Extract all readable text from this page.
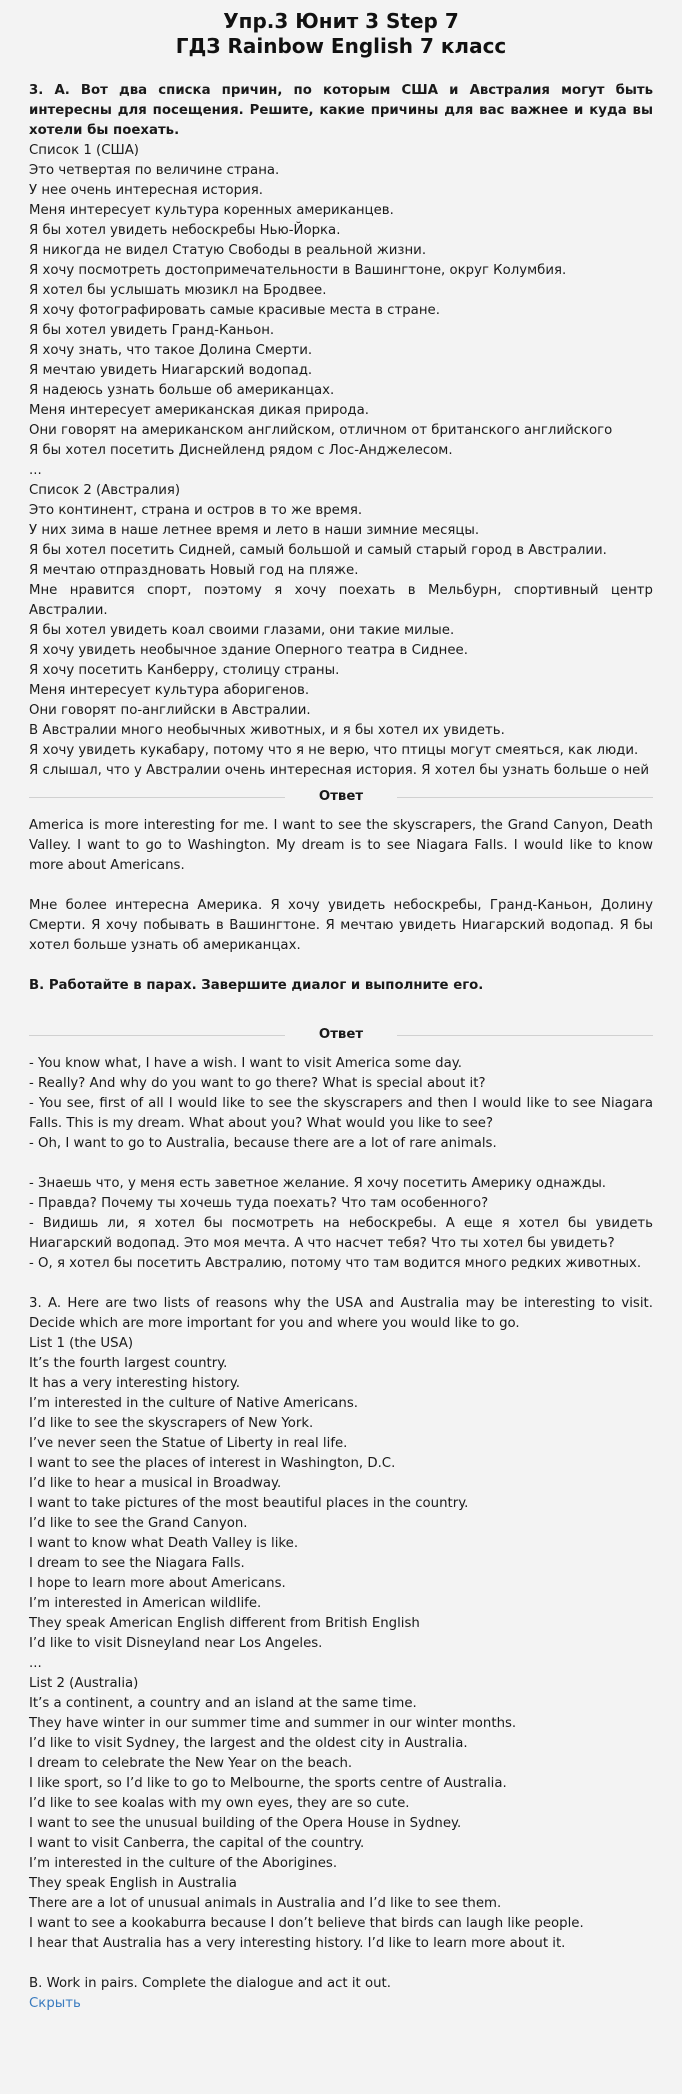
Упр.3 Юнит 3 Step 7
ГДЗ Rainbow English 7 класс

3. А. Вот два списка причин, по которым США и Австралия могут быть интересны для посещения. Решите, какие причины для вас важнее и куда вы хотели бы поехать.

Список 1 (США)

Это четвертая по величине страна.

У нее очень интересная история.

Меня интересует культура коренных американцев.

Я бы хотел увидеть небоскребы Нью-Йорка.

Я никогда не видел Статую Свободы в реальной жизни.

Я хочу посмотреть достопримечательности в Вашингтоне, округ Колумбия.

Я хотел бы услышать мюзикл на Бродвее.

Я хочу фотографировать самые красивые места в стране.

Я бы хотел увидеть Гранд-Каньон.

Я хочу знать, что такое Долина Смерти.

Я мечтаю увидеть Ниагарский водопад.

Я надеюсь узнать больше об американцах.

Меня интересует американская дикая природа.

Они говорят на американском английском, отличном от британского английского

Я бы хотел посетить Диснейленд рядом с Лос-Анджелесом.

...

Список 2 (Австралия)

Это континент, страна и остров в то же время.

У них зима в наше летнее время и лето в наши зимние месяцы.

Я бы хотел посетить Сидней, самый большой и самый старый город в Австралии.

Я мечтаю отпраздновать Новый год на пляже.

Мне нравится спорт, поэтому я хочу поехать в Мельбурн, спортивный центр Австралии.

Я бы хотел увидеть коал своими глазами, они такие милые.

Я хочу увидеть необычное здание Оперного театра в Сиднее.

Я хочу посетить Канберру, столицу страны.

Меня интересует культура аборигенов.

Они говорят по-английски в Австралии.

В Австралии много необычных животных, и я бы хотел их увидеть.

Я хочу увидеть кукабару, потому что я не верю, что птицы могут смеяться, как люди.

Я слышал, что у Австралии очень интересная история. Я хотел бы узнать больше о ней

Ответ

America is more interesting for me. I want to see the skyscrapers, the Grand Canyon, Death Valley. I want to go to Washington. My dream is to see Niagara Falls. I would like to know more about Americans.

Мне более интересна Америка. Я хочу увидеть небоскребы, Гранд-Каньон, Долину Смерти. Я хочу побывать в Вашингтоне. Я мечтаю увидеть Ниагарский водопад. Я бы хотел больше узнать об американцах.

B. Работайте в парах. Завершите диалог и выполните его.

Ответ

- You know what, I have a wish. I want to visit America some day.

- Really? And why do you want to go there? What is special about it?

- You see, first of all I would like to see the skyscrapers and then I would like to see Niagara Falls. This is my dream. What about you? What would you like to see?

- Oh, I want to go to Australia, because there are a lot of rare animals.

- Знаешь что, у меня есть заветное желание. Я хочу посетить Америку однажды.

- Правда? Почему ты хочешь туда поехать? Что там особенного?

- Видишь ли, я хотел бы посмотреть на небоскребы. А еще я хотел бы увидеть Ниагарский водопад. Это моя мечта. А что насчет тебя? Что ты хотел бы увидеть?

- О, я хотел бы посетить Австралию, потому что там водится много редких животных.

3. A. Here are two lists of reasons why the USA and Australia may be interesting to visit. Decide which are more important for you and where you would like to go.

List 1 (the USA)

It’s the fourth largest country.

It has a very interesting history.

I’m interested in the culture of Native Americans.

I’d like to see the skyscrapers of New York.

I’ve never seen the Statue of Liberty in real life.

I want to see the places of interest in Washington, D.C.

I’d like to hear a musical in Broadway.

I want to take pictures of the most beautiful places in the country.

I’d like to see the Grand Canyon.

I want to know what Death Valley is like.

I dream to see the Niagara Falls.

I hope to learn more about Americans.

I’m interested in American wildlife.

They speak American English different from British English

I’d like to visit Disneyland near Los Angeles.

...

List 2 (Australia)

It’s a continent, a country and an island at the same time.

They have winter in our summer time and summer in our winter months.

I’d like to visit Sydney, the largest and the oldest city in Australia.

I dream to celebrate the New Year on the beach.

I like sport, so I’d like to go to Melbourne, the sports centre of Australia.

I’d like to see koalas with my own eyes, they are so cute.

I want to see the unusual building of the Opera House in Sydney.

I want to visit Canberra, the capital of the country.

I’m interested in the culture of the Aborigines.

They speak English in Australia

There are a lot of unusual animals in Australia and I’d like to see them.

I want to see a kookaburra because I don’t believe that birds can laugh like people.

I hear that Australia has a very interesting history. I’d like to learn more about it.

B. Work in pairs. Complete the dialogue and act it out.

Скрыть
